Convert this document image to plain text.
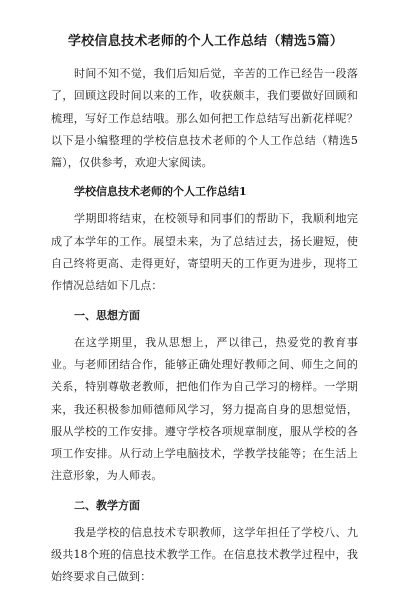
学校信息技术老师的个人工作总结（精选5篇）

时间不知不觉，我们后知后觉，辛苦的工作已经告一段落了，回顾这段时间以来的工作，收获颇丰，我们要做好回顾和梳理，写好工作总结哦。那么如何把工作总结写出新花样呢？以下是小编整理的学校信息技术老师的个人工作总结（精选5篇），仅供参考，欢迎大家阅读。

学校信息技术老师的个人工作总结1

学期即将结束，在校领导和同事们的帮助下，我顺利地完成了本学年的工作。展望未来，为了总结过去，扬长避短，使自己终将更高、走得更好，寄望明天的工作更为进步，现将工作情况总结如下几点：

一、思想方面

在这学期里，我从思想上，严以律己，热爱党的教育事业。与老师团结合作，能够正确处理好教师之间、师生之间的关系，特别尊敬老教师，把他们作为自己学习的榜样。一学期来，我还积极参加师德师风学习，努力提高自身的思想觉悟，服从学校的工作安排。遵守学校各项规章制度，服从学校的各项工作安排。从行动上学电脑技术，学教学技能等；在生活上注意形象，为人师表。

二、教学方面

我是学校的信息技术专职教师，这学年担任了学校八、九级共18个班的信息技术教学工作。在信息技术教学过程中，我始终要求自己做到：
